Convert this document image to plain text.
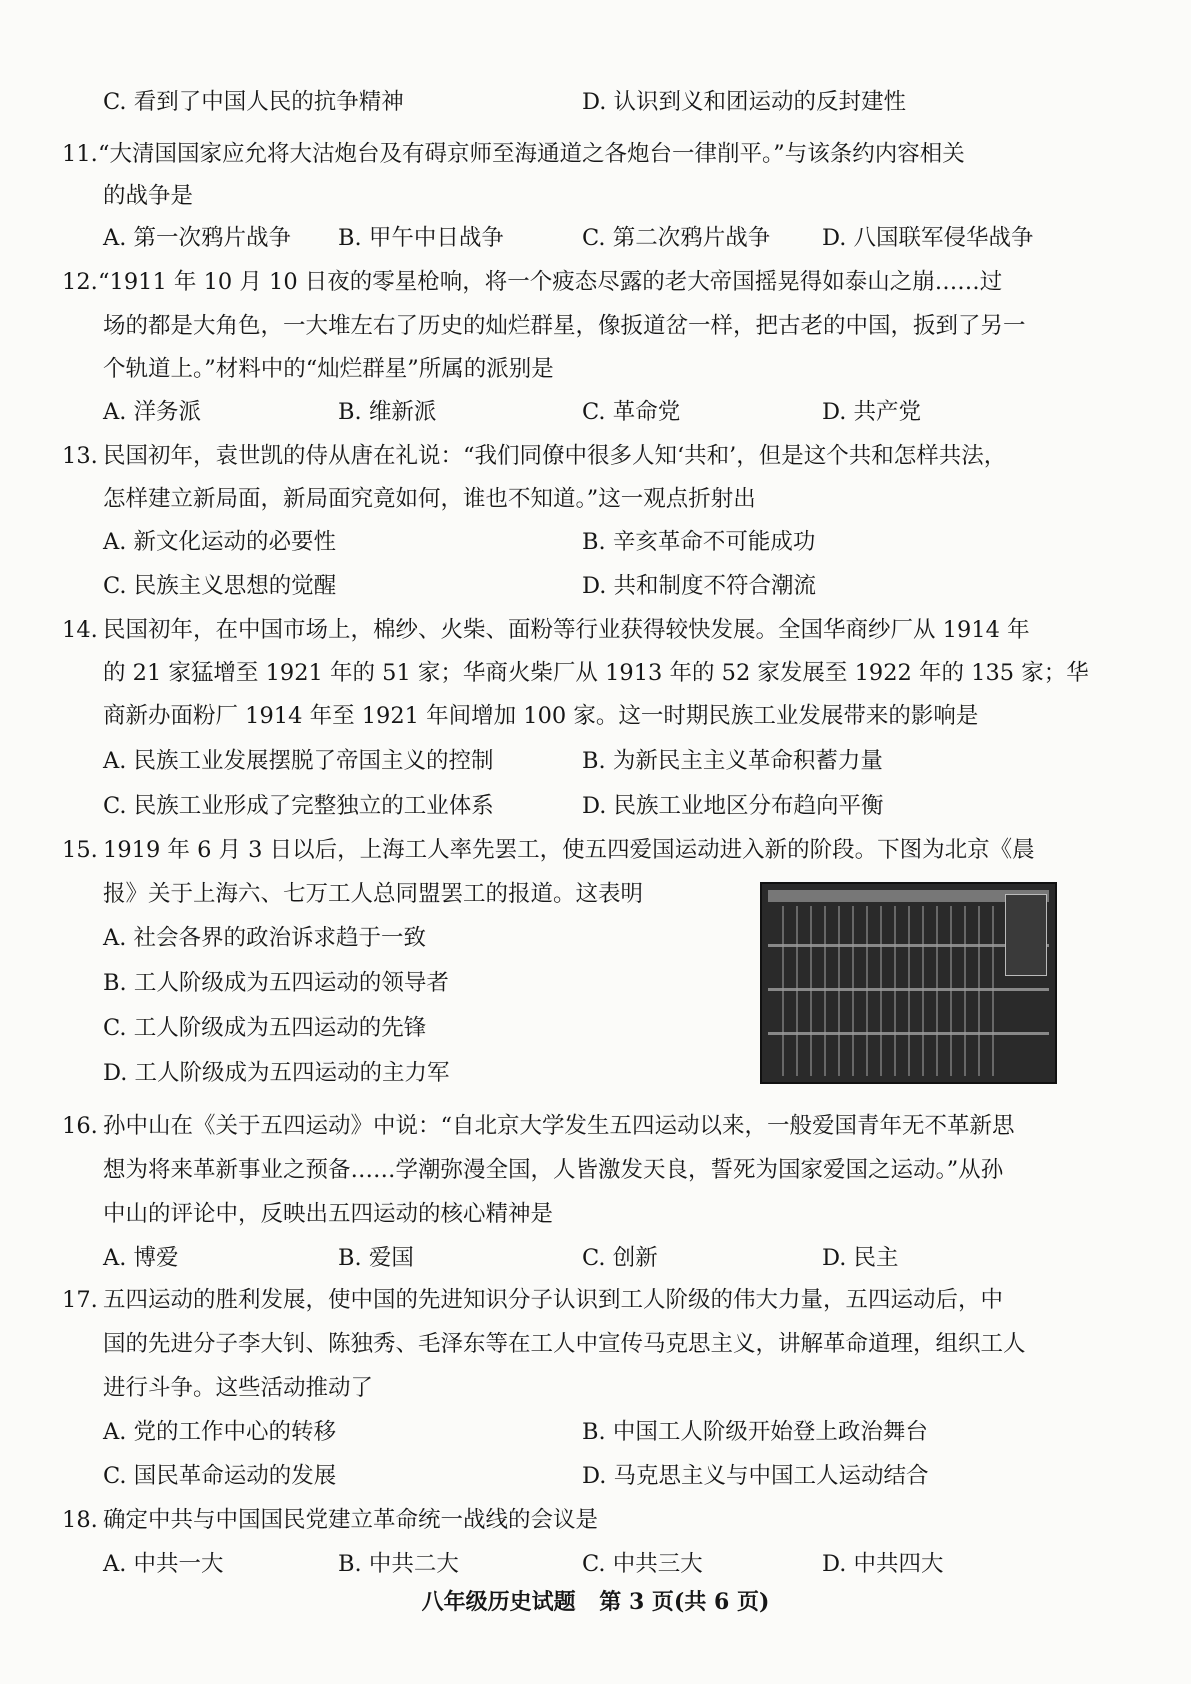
C. 看到了中国人民的抗争精神	D. 认识到义和团运动的反封建性
11. “大清国国家应允将大沽炮台及有碍京师至海通道之各炮台一律削平。”与该条约内容相关
的战争是
A. 第一次鸦片战争 B. 甲午中日战争	C. 第二次鸦片战争 D. 八国联军侵华战争
12. “1911 年 10 月 10 日夜的零星枪响，将一个疲态尽露的老大帝国摇晃得如泰山之崩……过
场的都是大角色，一大堆左右了历史的灿烂群星，像扳道岔一样，把古老的中国，扳到了另一
个轨道上。”材料中的“灿烂群星”所属的派别是
A. 洋务派	B. 维新派	C. 革命党	D. 共产党
13. 民国初年，袁世凯的侍从唐在礼说：“我们同僚中很多人知‘共和’，但是这个共和怎样共法，
怎样建立新局面，新局面究竟如何，谁也不知道。”这一观点折射出
A. 新文化运动的必要性	B. 辛亥革命不可能成功
C. 民族主义思想的觉醒	D. 共和制度不符合潮流
14. 民国初年，在中国市场上，棉纱、火柴、面粉等行业获得较快发展。全国华商纱厂从 1914 年
的 21 家猛增至 1921 年的 51 家；华商火柴厂从 1913 年的 52 家发展至 1922 年的 135 家；华
商新办面粉厂 1914 年至 1921 年间增加 100 家。这一时期民族工业发展带来的影响是
A. 民族工业发展摆脱了帝国主义的控制	B. 为新民主主义革命积蓄力量
C. 民族工业形成了完整独立的工业体系	D. 民族工业地区分布趋向平衡
15. 1919 年 6 月 3 日以后，上海工人率先罢工，使五四爱国运动进入新的阶段。下图为北京《晨
报》关于上海六、七万工人总同盟罢工的报道。这表明
A. 社会各界的政治诉求趋于一致
B. 工人阶级成为五四运动的领导者
C. 工人阶级成为五四运动的先锋
D. 工人阶级成为五四运动的主力军
16. 孙中山在《关于五四运动》中说：“自北京大学发生五四运动以来，一般爱国青年无不革新思
想为将来革新事业之预备……学潮弥漫全国，人皆激发天良，誓死为国家爱国之运动。”从孙
中山的评论中，反映出五四运动的核心精神是
A. 博爱	B. 爱国	C. 创新	D. 民主
17. 五四运动的胜利发展，使中国的先进知识分子认识到工人阶级的伟大力量，五四运动后，中
国的先进分子李大钊、陈独秀、毛泽东等在工人中宣传马克思主义，讲解革命道理，组织工人
进行斗争。这些活动推动了
A. 党的工作中心的转移	B. 中国工人阶级开始登上政治舞台
C. 国民革命运动的发展	D. 马克思主义与中国工人运动结合
18. 确定中共与中国国民党建立革命统一战线的会议是
A. 中共一大	B. 中共二大	C. 中共三大	D. 中共四大
八年级历史试题 第 3 页(共 6 页)
